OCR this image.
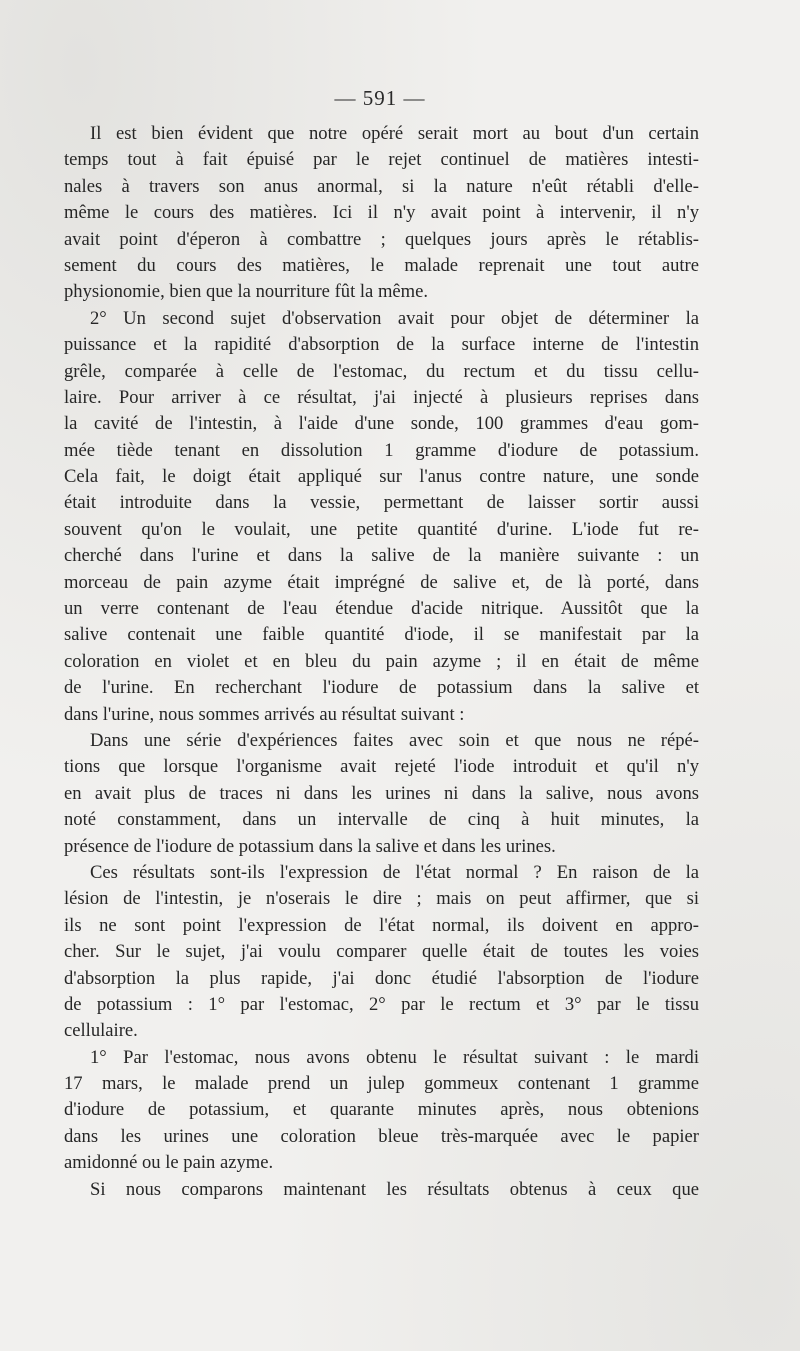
— 591 —
Il est bien évident que notre opéré serait mort au bout d'un certain
temps tout à fait épuisé par le rejet continuel de matières intesti-
nales à travers son anus anormal, si la nature n'eût rétabli d'elle-
même le cours des matières. Ici il n'y avait point à intervenir, il n'y
avait point d'éperon à combattre ; quelques jours après le rétablis-
sement du cours des matières, le malade reprenait une tout autre
physionomie, bien que la nourriture fût la même.
2° Un second sujet d'observation avait pour objet de déterminer la
puissance et la rapidité d'absorption de la surface interne de l'intestin
grêle, comparée à celle de l'estomac, du rectum et du tissu cellu-
laire. Pour arriver à ce résultat, j'ai injecté à plusieurs reprises dans
la cavité de l'intestin, à l'aide d'une sonde, 100 grammes d'eau gom-
mée tiède tenant en dissolution 1 gramme d'iodure de potassium.
Cela fait, le doigt était appliqué sur l'anus contre nature, une sonde
était introduite dans la vessie, permettant de laisser sortir aussi
souvent qu'on le voulait, une petite quantité d'urine. L'iode fut re-
cherché dans l'urine et dans la salive de la manière suivante : un
morceau de pain azyme était imprégné de salive et, de là porté, dans
un verre contenant de l'eau étendue d'acide nitrique. Aussitôt que la
salive contenait une faible quantité d'iode, il se manifestait par la
coloration en violet et en bleu du pain azyme ; il en était de même
de l'urine. En recherchant l'iodure de potassium dans la salive et
dans l'urine, nous sommes arrivés au résultat suivant :
Dans une série d'expériences faites avec soin et que nous ne répé-
tions que lorsque l'organisme avait rejeté l'iode introduit et qu'il n'y
en avait plus de traces ni dans les urines ni dans la salive, nous avons
noté constamment, dans un intervalle de cinq à huit minutes, la
présence de l'iodure de potassium dans la salive et dans les urines.
Ces résultats sont-ils l'expression de l'état normal ? En raison de la
lésion de l'intestin, je n'oserais le dire ; mais on peut affirmer, que si
ils ne sont point l'expression de l'état normal, ils doivent en appro-
cher. Sur le sujet, j'ai voulu comparer quelle était de toutes les voies
d'absorption la plus rapide, j'ai donc étudié l'absorption de l'iodure
de potassium : 1° par l'estomac, 2° par le rectum et 3° par le tissu
cellulaire.
1° Par l'estomac, nous avons obtenu le résultat suivant : le mardi
17 mars, le malade prend un julep gommeux contenant 1 gramme
d'iodure de potassium, et quarante minutes après, nous obtenions
dans les urines une coloration bleue très-marquée avec le papier
amidonné ou le pain azyme.
Si nous comparons maintenant les résultats obtenus à ceux que
